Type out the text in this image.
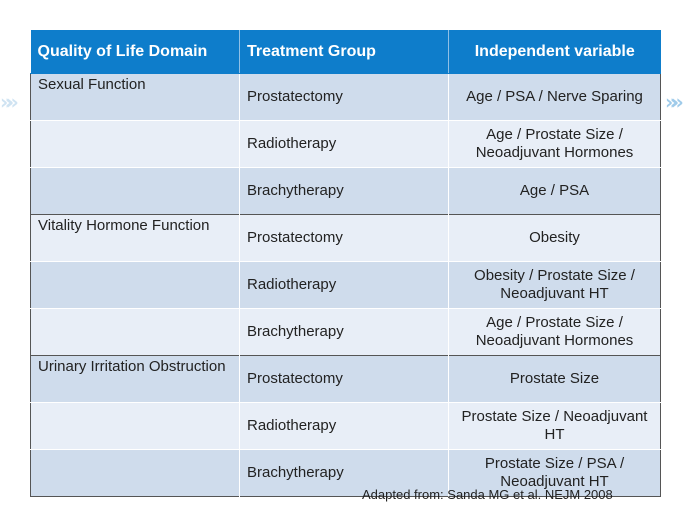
»»	»»
Quality of Life Domain	Treatment Group	Independent variable
Sexual Function	Prostatectomy	Age / PSA / Nerve Sparing
	Radiotherapy	Age / Prostate Size / Neoadjuvant Hormones
	Brachytherapy	Age / PSA
Vitality Hormone Function	Prostatectomy	Obesity
	Radiotherapy	Obesity / Prostate Size / Neoadjuvant HT
	Brachytherapy	Age / Prostate Size / Neoadjuvant Hormones
Urinary Irritation Obstruction	Prostatectomy	Prostate Size
	Radiotherapy	Prostate Size / Neoadjuvant HT
	Brachytherapy	Prostate Size / PSA / Neoadjuvant HT
Adapted from: Sanda MG et al. NEJM 2008
